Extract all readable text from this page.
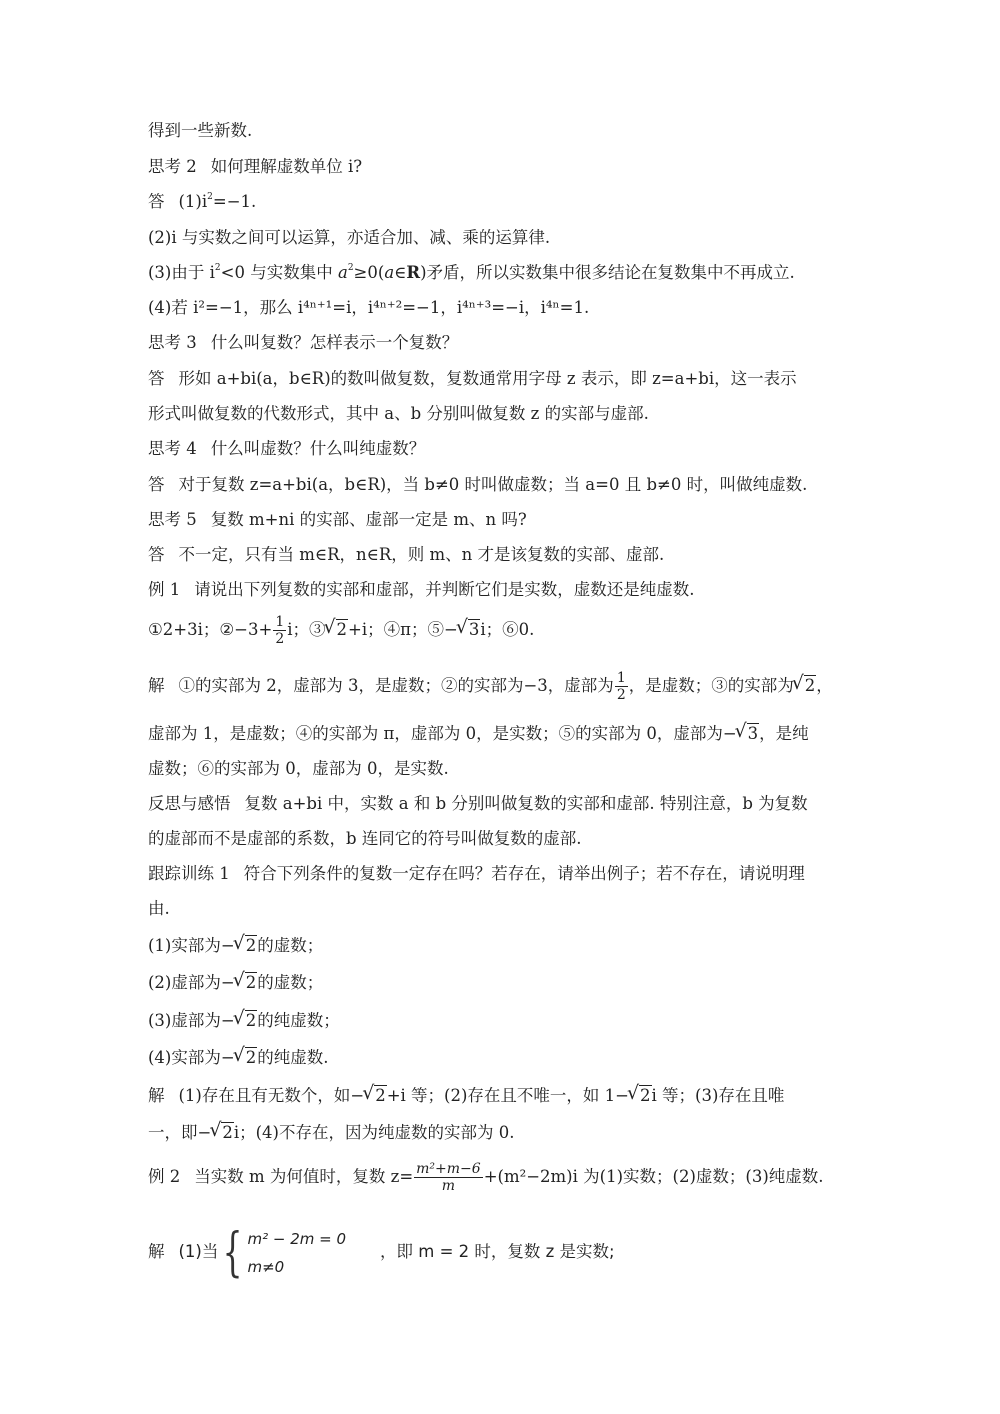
得到一些新数.
思考 2 如何理解虚数单位 i?
答 $(1)i^2=-1$.
(2)i 与实数之间可以运算，亦适合加、减、乘的运算律.
(3)由于 $i^2<0$ 与实数集中 $a^2\ge 0(a\in R)$矛盾，所以实数集中很多结论在复数集中不再成立.
(4)若 i²=−1，那么 i⁴ⁿ⁺¹=i，i⁴ⁿ⁺²=−1，i⁴ⁿ⁺³=−i，i⁴ⁿ=1.
思考 3 什么叫复数？怎样表示一个复数？
答 形如 a+bi(a，b∈R)的数叫做复数，复数通常用字母 z 表示，即 z=a+bi，这一表示
形式叫做复数的代数形式，其中 a、b 分别叫做复数 z 的实部与虚部.
思考 4 什么叫虚数？什么叫纯虚数？
答 对于复数 z=a+bi(a，b∈R)，当 b≠0 时叫做虚数；当 a=0 且 b≠0 时，叫做纯虚数.
思考 5 复数 m+ni 的实部、虚部一定是 m、n 吗?
答 不一定，只有当 m∈R，n∈R，则 m、n 才是该复数的实部、虚部.
例 1 请说出下列复数的实部和虚部，并判断它们是实数，虚数还是纯虚数.
①2+3i；②−3+ $\frac{1}{2}$ i；③ √ 2+i；④π；⑤− √ 3i；⑥0.
解 ①的实部为 2，虚部为 3，是虚数；②的实部为−3，虚部为 $\frac{1}{2}$ ，是虚数；③的实部为 √ 2，
虚部为 1，是虚数；④的实部为 π，虚部为 0，是实数；⑤的实部为 0，虚部为− √ 3，是纯
虚数；⑥的实部为 0，虚部为 0，是实数.
反思与感悟 复数 a+bi 中，实数 a 和 b 分别叫做复数的实部和虚部. 特别注意，b 为复数
的虚部而不是虚部的系数，b 连同它的符号叫做复数的虚部.
跟踪训练 1 符合下列条件的复数一定存在吗？若存在，请举出例子；若不存在，请说明理
由.
(1)实部为− √ 2的虚数；
(2)虚部为− √ 2的虚数；
(3)虚部为− √ 2的纯虚数；
(4)实部为− √ 2的纯虚数.
解 (1)存在且有无数个，如− √ 2+i 等；(2)存在且不唯一，如 1− √ 2i 等；(3)存在且唯
一，即− √ 2i；(4)不存在，因为纯虚数的实部为 0.
例 2 当实数 m 为何值时，复数 $z= \frac{\text{m²+m−6}}{m} +(m^2-2m)i$ 为(1)实数；(2)虚数；(3)纯虚数.
解 (1)当 { m² − 2m = 0
m≠0
，即 m = 2 时，复数 z 是实数;
